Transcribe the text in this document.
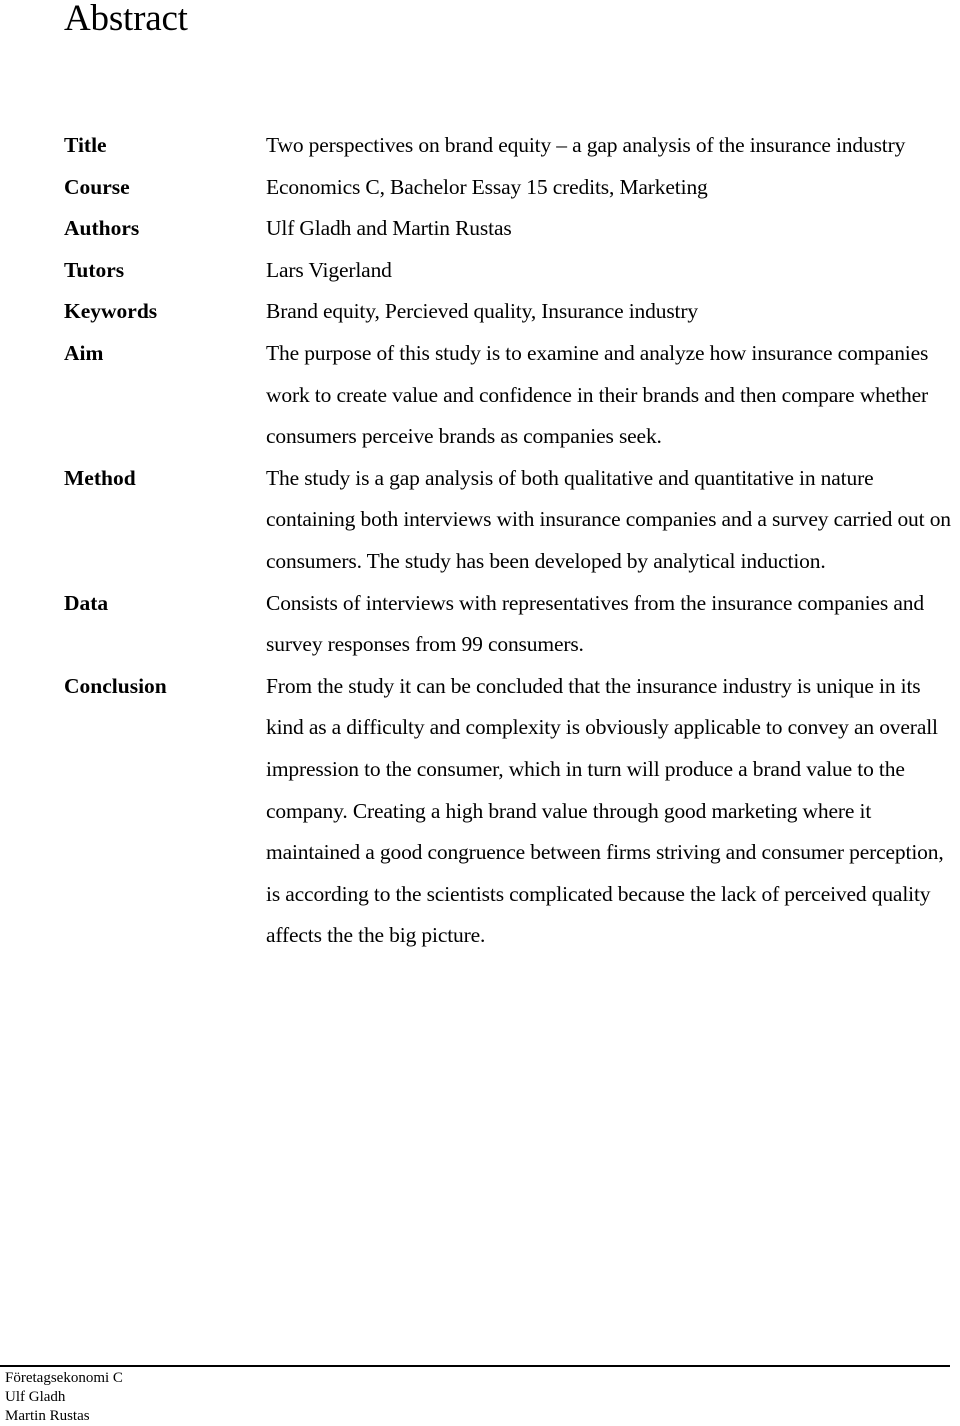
Abstract
Title	Two perspectives on brand equity – a gap analysis of the insurance industry
Course	Economics C, Bachelor Essay 15 credits, Marketing
Authors	Ulf Gladh and Martin Rustas
Tutors	Lars Vigerland
Keywords	Brand equity, Percieved quality, Insurance industry
Aim	The purpose of this study is to examine and analyze how insurance companies work to create value and confidence in their brands and then compare whether consumers perceive brands as companies seek.
Method	The study is a gap analysis of both qualitative and quantitative in nature containing both interviews with insurance companies and a survey carried out on consumers. The study has been developed by analytical induction.
Data	Consists of interviews with representatives from the insurance companies and survey responses from 99 consumers.
Conclusion	From the study it can be concluded that the insurance industry is unique in its kind as a difficulty and complexity is obviously applicable to convey an overall impression to the consumer, which in turn will produce a brand value to the company. Creating a high brand value through good marketing where it maintained a good congruence between firms striving and consumer perception, is according to the scientists complicated because the lack of perceived quality affects the the big picture.
Företagsekonomi C
Ulf Gladh
Martin Rustas
